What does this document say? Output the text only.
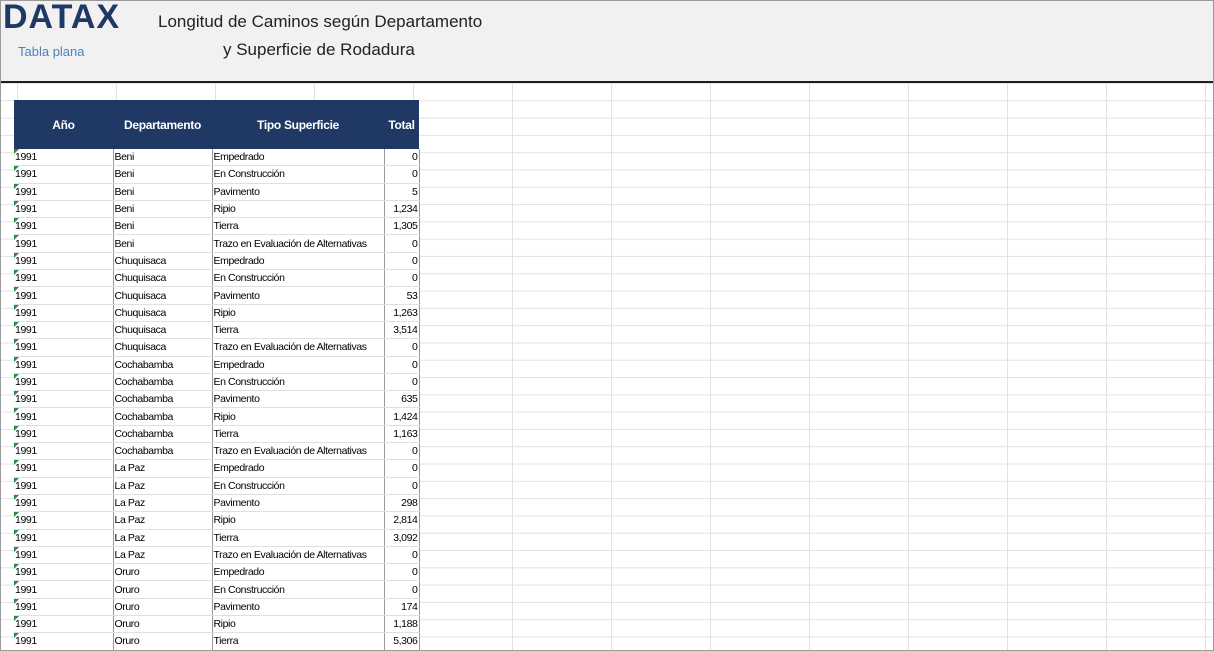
DATAX
Tabla plana
Longitud de Caminos según Departamento
y Superficie de Rodadura
Año	Departamento	Tipo Superficie	Total
1991	Beni	Empedrado	0
1991	Beni	En Construcción	0
1991	Beni	Pavimento	5
1991	Beni	Ripio	1,234
1991	Beni	Tierra	1,305
1991	Beni	Trazo en Evaluación de Alternativas	0
1991	Chuquisaca	Empedrado	0
1991	Chuquisaca	En Construcción	0
1991	Chuquisaca	Pavimento	53
1991	Chuquisaca	Ripio	1,263
1991	Chuquisaca	Tierra	3,514
1991	Chuquisaca	Trazo en Evaluación de Alternativas	0
1991	Cochabamba	Empedrado	0
1991	Cochabamba	En Construcción	0
1991	Cochabamba	Pavimento	635
1991	Cochabamba	Ripio	1,424
1991	Cochabamba	Tierra	1,163
1991	Cochabamba	Trazo en Evaluación de Alternativas	0
1991	La Paz	Empedrado	0
1991	La Paz	En Construcción	0
1991	La Paz	Pavimento	298
1991	La Paz	Ripio	2,814
1991	La Paz	Tierra	3,092
1991	La Paz	Trazo en Evaluación de Alternativas	0
1991	Oruro	Empedrado	0
1991	Oruro	En Construcción	0
1991	Oruro	Pavimento	174
1991	Oruro	Ripio	1,188
1991	Oruro	Tierra	5,306
